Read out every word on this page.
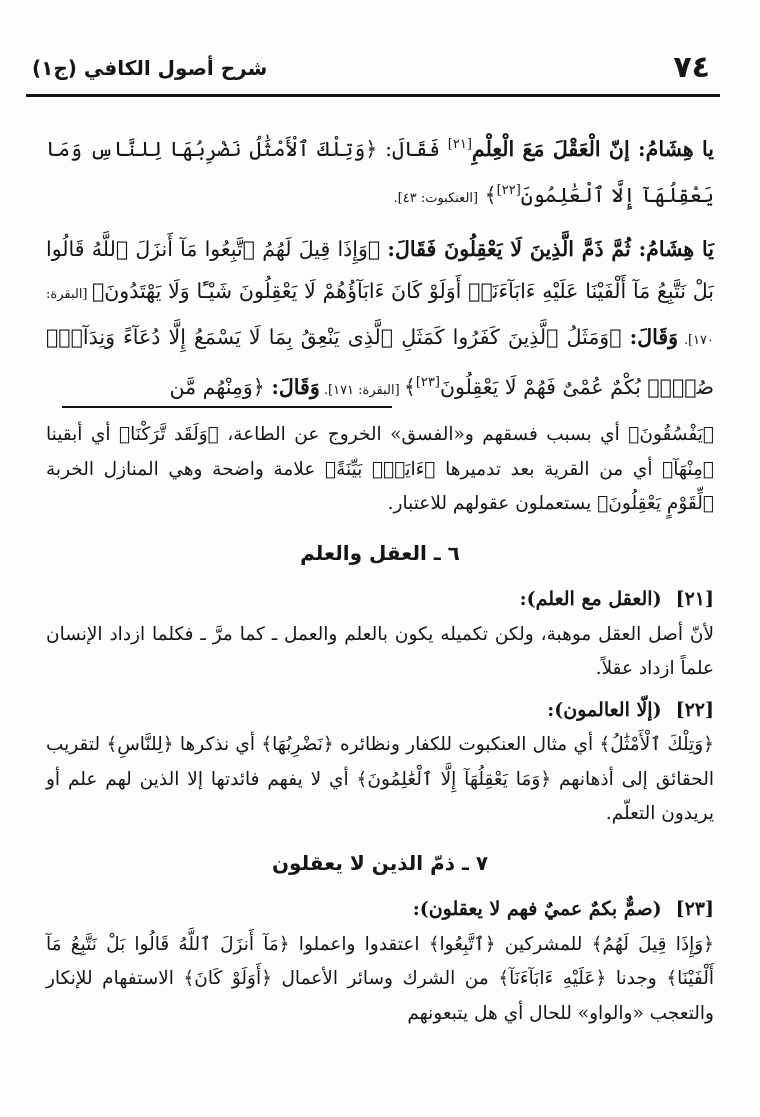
٧٤
شرح أصول الكافي (ج١)

يا هِشَامُ: إنّ الْعَقْلَ مَعَ الْعِلْمِ[٢١] فَقَالَ: ﴿وَتِلْكَ ٱلْأَمْثَٰلُ نَضْرِبُهَا لِلنَّاسِ وَمَا يَعْقِلُهَآ إِلَّا ٱلْعَٰلِمُونَ[٢٢]﴾ [العنكبوت: ٤٣].

يَا هِشَامُ: ثُمَّ ذَمَّ الَّذِينَ لَا يَعْقِلُونَ فَقَالَ: ﴿وَإِذَا قِيلَ لَهُمُ ٱتَّبِعُوا مَآ أَنزَلَ ٱللَّهُ قَالُوا بَلْ نَتَّبِعُ مَآ أَلْفَيْنَا عَلَيْهِ ءَابَآءَنَآۗ أَوَلَوْ كَانَ ءَابَآؤُهُمْ لَا يَعْقِلُونَ شَيْـًٔا وَلَا يَهْتَدُونَ﴾ [البقرة: ١٧٠]. وَقَالَ: ﴿وَمَثَلُ ٱلَّذِينَ كَفَرُوا كَمَثَلِ ٱلَّذِى يَنْعِقُ بِمَا لَا يَسْمَعُ إِلَّا دُعَآءً وَنِدَآءًۚ صُمٌّۢ بُكْمٌ عُمْىٌ فَهُمْ لَا يَعْقِلُونَ[٢٣]﴾ [البقرة: ١٧١]. وَقَالَ: ﴿وَمِنْهُم مَّن

﴿يَفْسُقُونَ﴾ أي بسبب فسقهم و«الفسق» الخروج عن الطاعة، ﴿وَلَقَد تَّرَكْنَا﴾ أي أبقينا ﴿مِنْهَآ﴾ أي من القرية بعد تدميرها ﴿ءَايَةًۢ بَيِّنَةً﴾ علامة واضحة وهي المنازل الخربة ﴿لِّقَوْمٍ يَعْقِلُونَ﴾ يستعملون عقولهم للاعتبار.

٦ ـ العقل والعلم
[٢١](العقل مع العلم):
لأنّ أصل العقل موهبة، ولكن تكميله يكون بالعلم والعمل ـ كما مرَّ ـ فكلما ازداد الإنسان علماً ازداد عقلاً.
[٢٢](إلّا العالمون):
﴿وَتِلْكَ ٱلْأَمْثَٰلُ﴾ أي مثال العنكبوت للكفار ونظائره ﴿نَضْرِبُهَا﴾ أي نذكرها ﴿لِلنَّاسِ﴾ لتقريب الحقائق إلى أذهانهم ﴿وَمَا يَعْقِلُهَآ إِلَّا ٱلْعَٰلِمُونَ﴾ أي لا يفهم فائدتها إلا الذين لهم علم أو يريدون التعلّم.
٧ ـ ذمّ الذين لا يعقلون
[٢٣](صمٌّ بكمٌ عميٌ فهم لا يعقلون):
﴿وَإِذَا قِيلَ لَهُمُ﴾ للمشركين ﴿ٱتَّبِعُوا﴾ اعتقدوا واعملوا ﴿مَآ أَنزَلَ ٱللَّهُ قَالُوا بَلْ نَتَّبِعُ مَآ أَلْفَيْنَا﴾ وجدنا ﴿عَلَيْهِ ءَابَآءَنَآ﴾ من الشرك وسائر الأعمال ﴿أَوَلَوْ كَانَ﴾ الاستفهام للإنكار والتعجب «والواو» للحال أي هل يتبعونهم
